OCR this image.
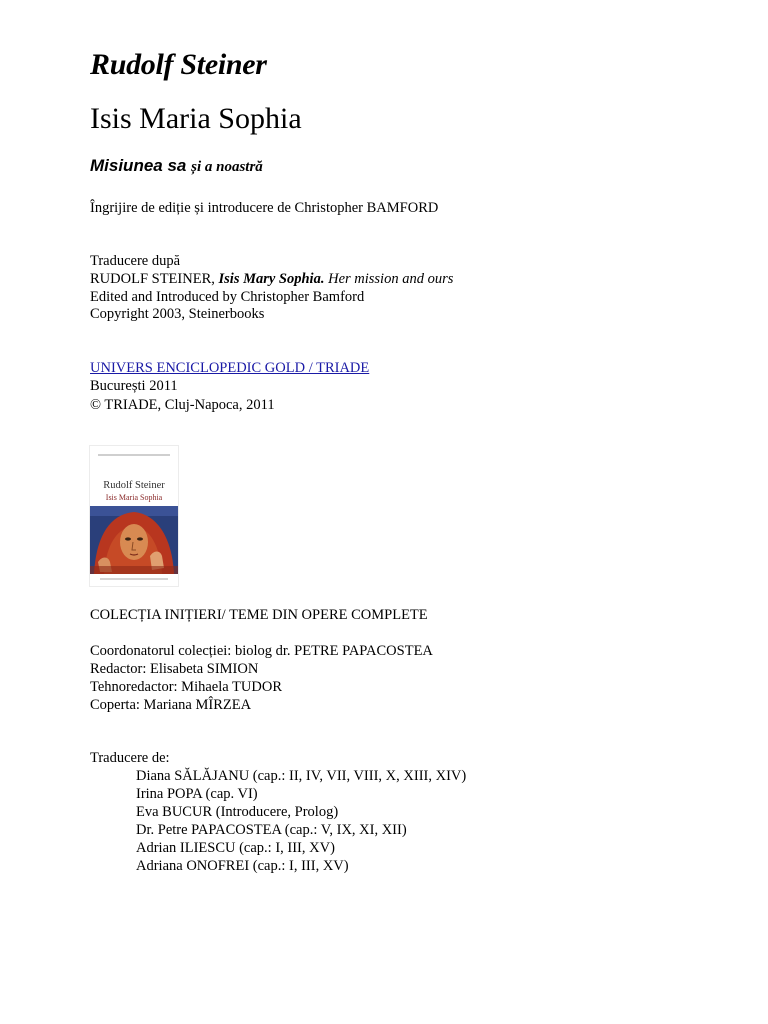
Rudolf Steiner
Isis Maria Sophia
Misiunea sa și a noastră
Îngrijire de ediție și introducere de Christopher BAMFORD
Traducere după
RUDOLF STEINER, Isis Mary Sophia. Her mission and ours
Edited and Introduced by Christopher Bamford
Copyright 2003, Steinerbooks
UNIVERS ENCICLOPEDIC GOLD / TRIADE
București 2011
© TRIADE, Cluj-Napoca, 2011
Rudolf Steiner
Isis Maria Sophia
COLECȚIA INIȚIERI/ TEME DIN OPERE COMPLETE
Coordonatorul colecției: biolog dr. PETRE PAPACOSTEA
Redactor: Elisabeta SIMION
Tehnoredactor: Mihaela TUDOR
Coperta: Mariana MÎRZEA
Traducere de:
Diana SĂLĂJANU (cap.: II, IV, VII, VIII, X, XIII, XIV)
Irina POPA (cap. VI)
Eva BUCUR (Introducere, Prolog)
Dr. Petre PAPACOSTEA (cap.: V, IX, XI, XII)
Adrian ILIESCU (cap.: I, III, XV)
Adriana ONOFREI (cap.: I, III, XV)
